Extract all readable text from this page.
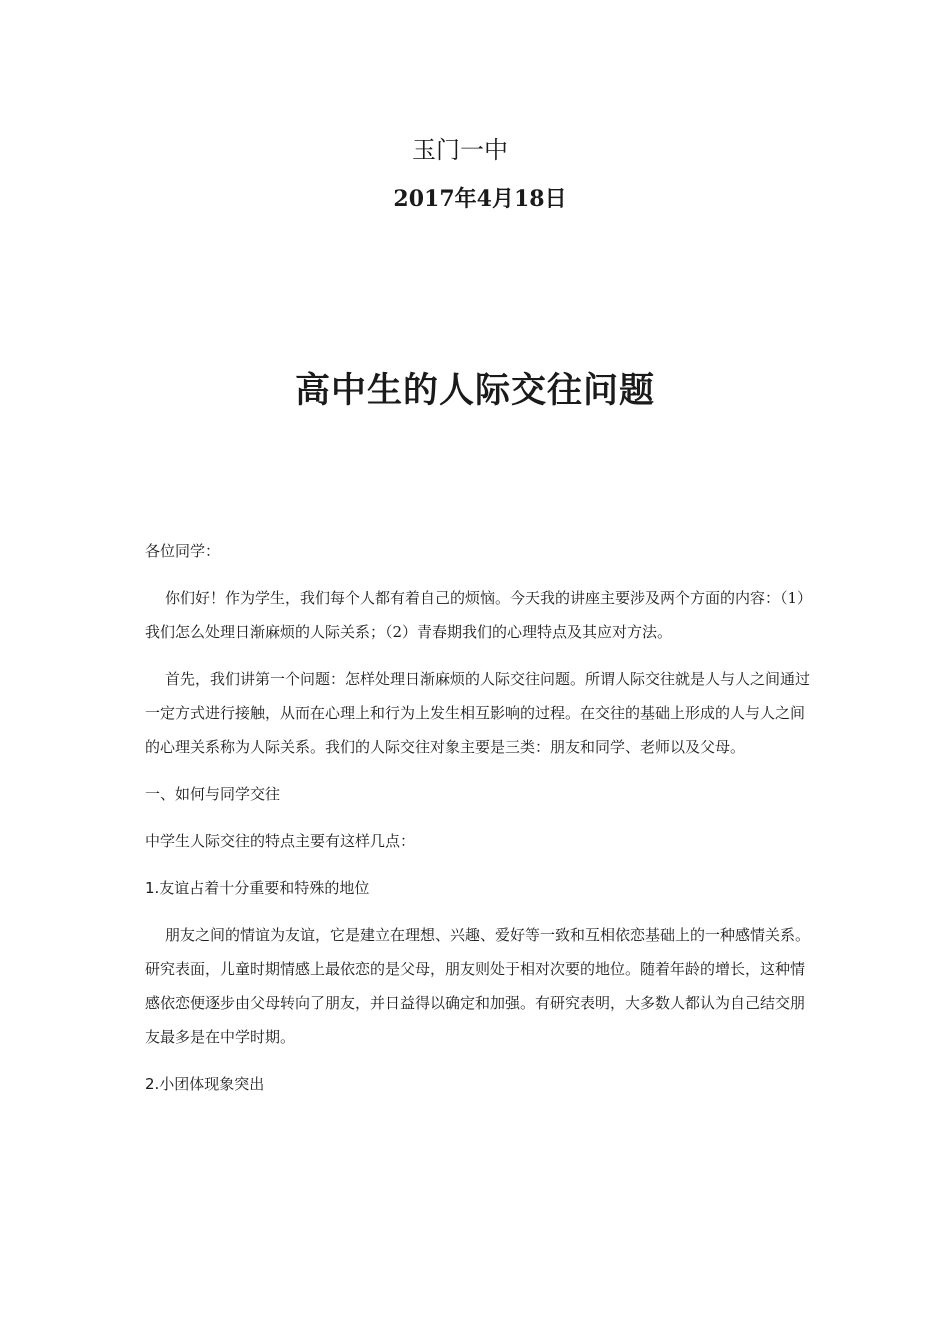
玉门一中
2017年4月18日
高中生的人际交往问题

各位同学：

你们好！作为学生，我们每个人都有着自己的烦恼。今天我的讲座主要涉及两个方面的内容：（1）我们怎么处理日渐麻烦的人际关系；（2）青春期我们的心理特点及其应对方法。

首先，我们讲第一个问题：怎样处理日渐麻烦的人际交往问题。所谓人际交往就是人与人之间通过一定方式进行接触，从而在心理上和行为上发生相互影响的过程。在交往的基础上形成的人与人之间的心理关系称为人际关系。我们的人际交往对象主要是三类：朋友和同学、老师以及父母。

一、如何与同学交往

中学生人际交往的特点主要有这样几点：

1.友谊占着十分重要和特殊的地位

朋友之间的情谊为友谊，它是建立在理想、兴趣、爱好等一致和互相依恋基础上的一种感情关系。研究表面，儿童时期情感上最依恋的是父母，朋友则处于相对次要的地位。随着年龄的增长，这种情感依恋便逐步由父母转向了朋友，并日益得以确定和加强。有研究表明，大多数人都认为自己结交朋友最多是在中学时期。

2.小团体现象突出
